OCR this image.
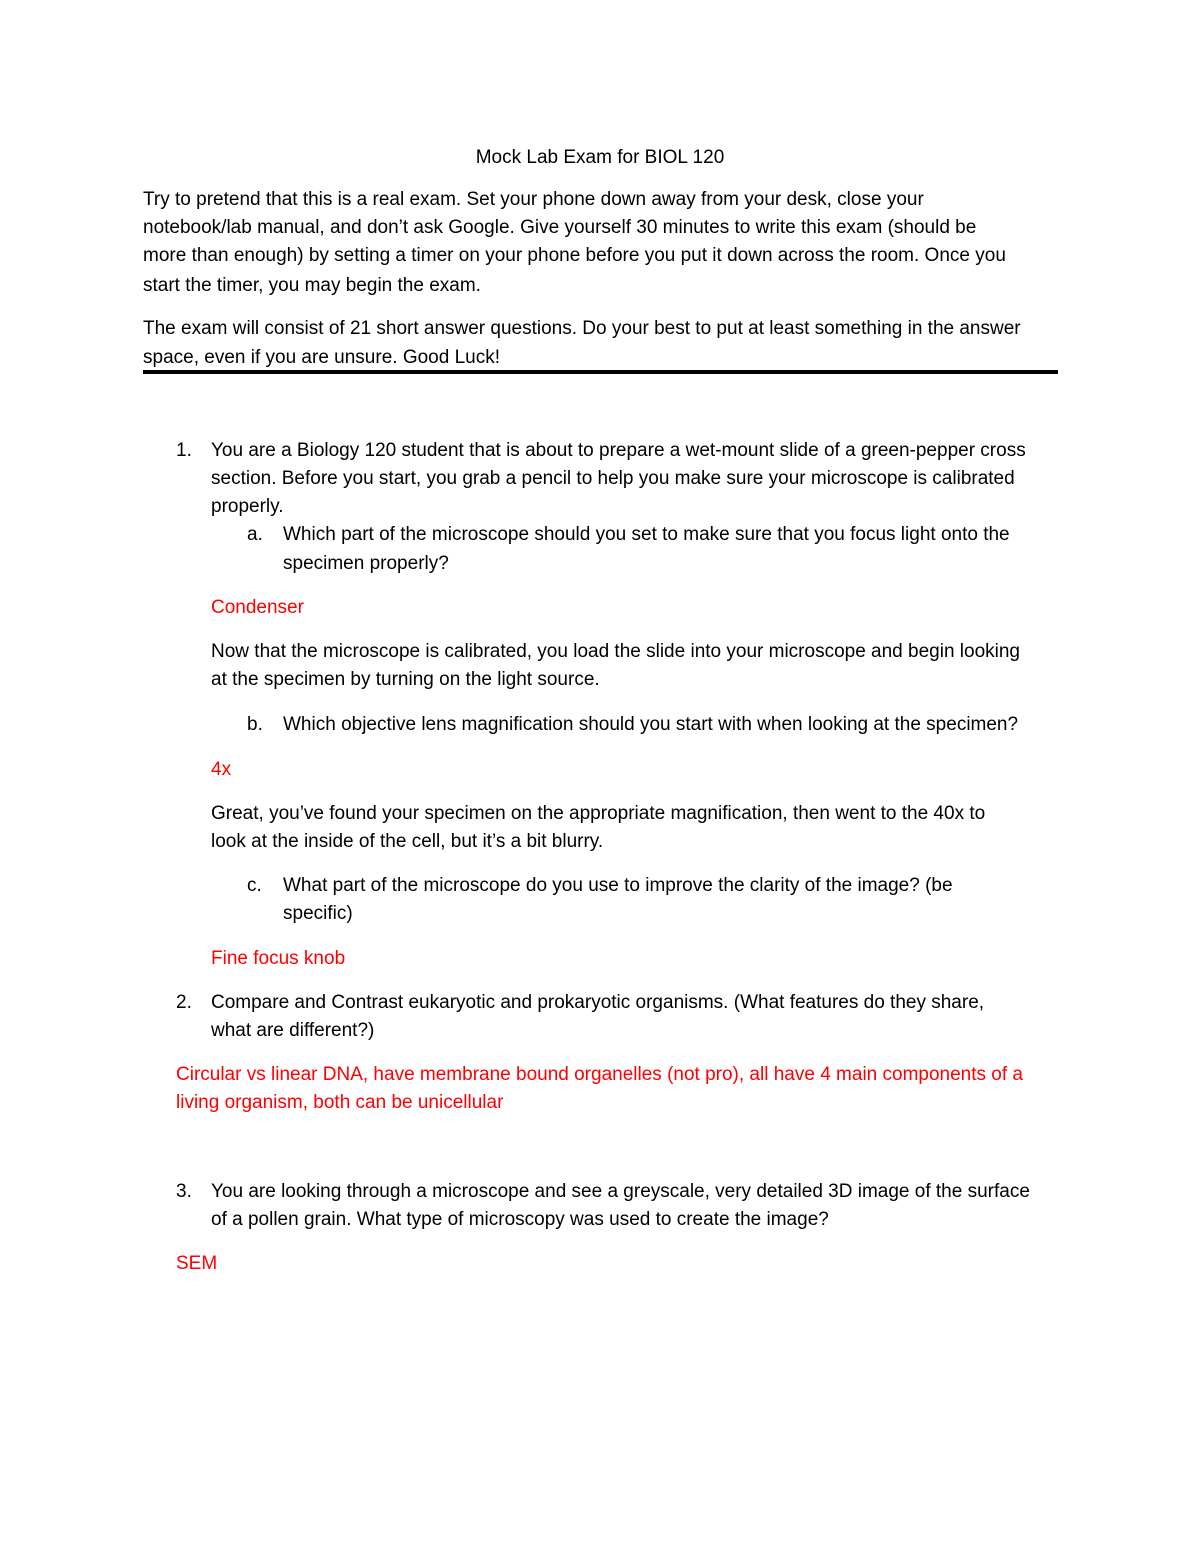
Mock Lab Exam for BIOL 120
Try to pretend that this is a real exam. Set your phone down away from your desk, close your
notebook/lab manual, and don’t ask Google. Give yourself 30 minutes to write this exam (should be
more than enough) by setting a timer on your phone before you put it down across the room. Once you
start the timer, you may begin the exam.
The exam will consist of 21 short answer questions. Do your best to put at least something in the answer
space, even if you are unsure. Good Luck!
1. You are a Biology 120 student that is about to prepare a wet-mount slide of a green-pepper cross
section. Before you start, you grab a pencil to help you make sure your microscope is calibrated
properly.
a. Which part of the microscope should you set to make sure that you focus light onto the
specimen properly?
Condenser
Now that the microscope is calibrated, you load the slide into your microscope and begin looking
at the specimen by turning on the light source.
b. Which objective lens magnification should you start with when looking at the specimen?
4x
Great, you’ve found your specimen on the appropriate magnification, then went to the 40x to
look at the inside of the cell, but it’s a bit blurry.
c. What part of the microscope do you use to improve the clarity of the image? (be
specific)
Fine focus knob
2. Compare and Contrast eukaryotic and prokaryotic organisms. (What features do they share,
what are different?)
Circular vs linear DNA, have membrane bound organelles (not pro), all have 4 main components of a
living organism, both can be unicellular
3. You are looking through a microscope and see a greyscale, very detailed 3D image of the surface
of a pollen grain. What type of microscopy was used to create the image?
SEM
